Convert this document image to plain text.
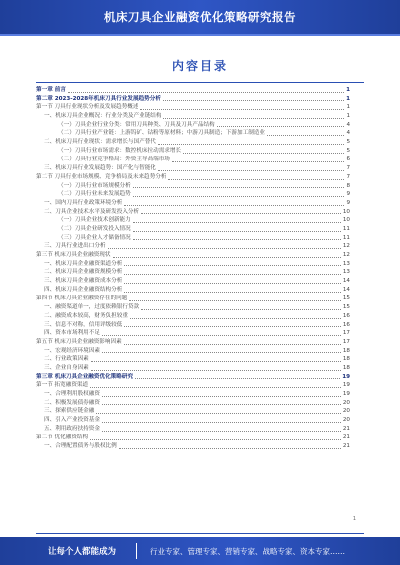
机床刀具企业融资优化策略研究报告
内容目录
第一章 前言	1
第二章 2023-2028年机床刀具行业发展趋势分析	1
第一节 刀具行业现状分析及发展趋势概述	1
一、机床刀具企业概况：行业分类及产业链结构	1
（一）刀具企业行业分类：常用刀具种类、刀具及刀具产品结构	4
（二）刀具行业产业链：上游钨矿、钴粉等原材料；中游刀具制造；下游加工制造业	4
二、机床刀具行业现状：需求增长与国产替代	5
（一）刀具行业市场需求：数控机床拉动需求增长	5
（二）刀具行业竞争格局：外资主导高端市场	6
三、机床刀具行业发展趋势：国产化与智能化	7
第二节 刀具行业市场规模、竞争格局及未来趋势分析	7
（一）刀具行业市场规模分析	8
（二）刀具行业未来发展趋势	9
一、国内刀具行业政策环境分析	9
二、刀具企业技术水平及研发投入分析	10
（一）刀具企业技术创新能力	10
（二）刀具企业研发投入情况	11
（三）刀具企业人才储备情况	11
三、刀具行业进出口分析	12
第三节 机床刀具企业融资现状	12
一、机床刀具企业融资渠道分析	13
二、机床刀具企业融资规模分析	13
三、机床刀具企业融资成本分析	14
四、机床刀具企业融资结构分析	14
第四节 机床刀具企业融资存在的问题	15
一、融资渠道单一，过度依赖银行贷款	15
二、融资成本较高，财务负担较重	16
三、信息不对称，信用评级较低	16
四、资本市场利用不足	17
第五节 机床刀具企业融资影响因素	17
一、宏观经济环境因素	18
二、行业政策因素	18
三、企业自身因素	18
第三章 机床刀具企业融资优化策略研究	19
第一节 拓宽融资渠道	19
一、合理利用股权融资	19
二、积极发展债券融资	20
三、探索供应链金融	20
四、引入产业投资基金	20
五、利用政府扶持资金	21
第二节 优化融资结构	21
一、合理配置债务与股权比例	21
1
让每个人都能成为	行业专家、管理专家、营销专家、战略专家、资本专家……
